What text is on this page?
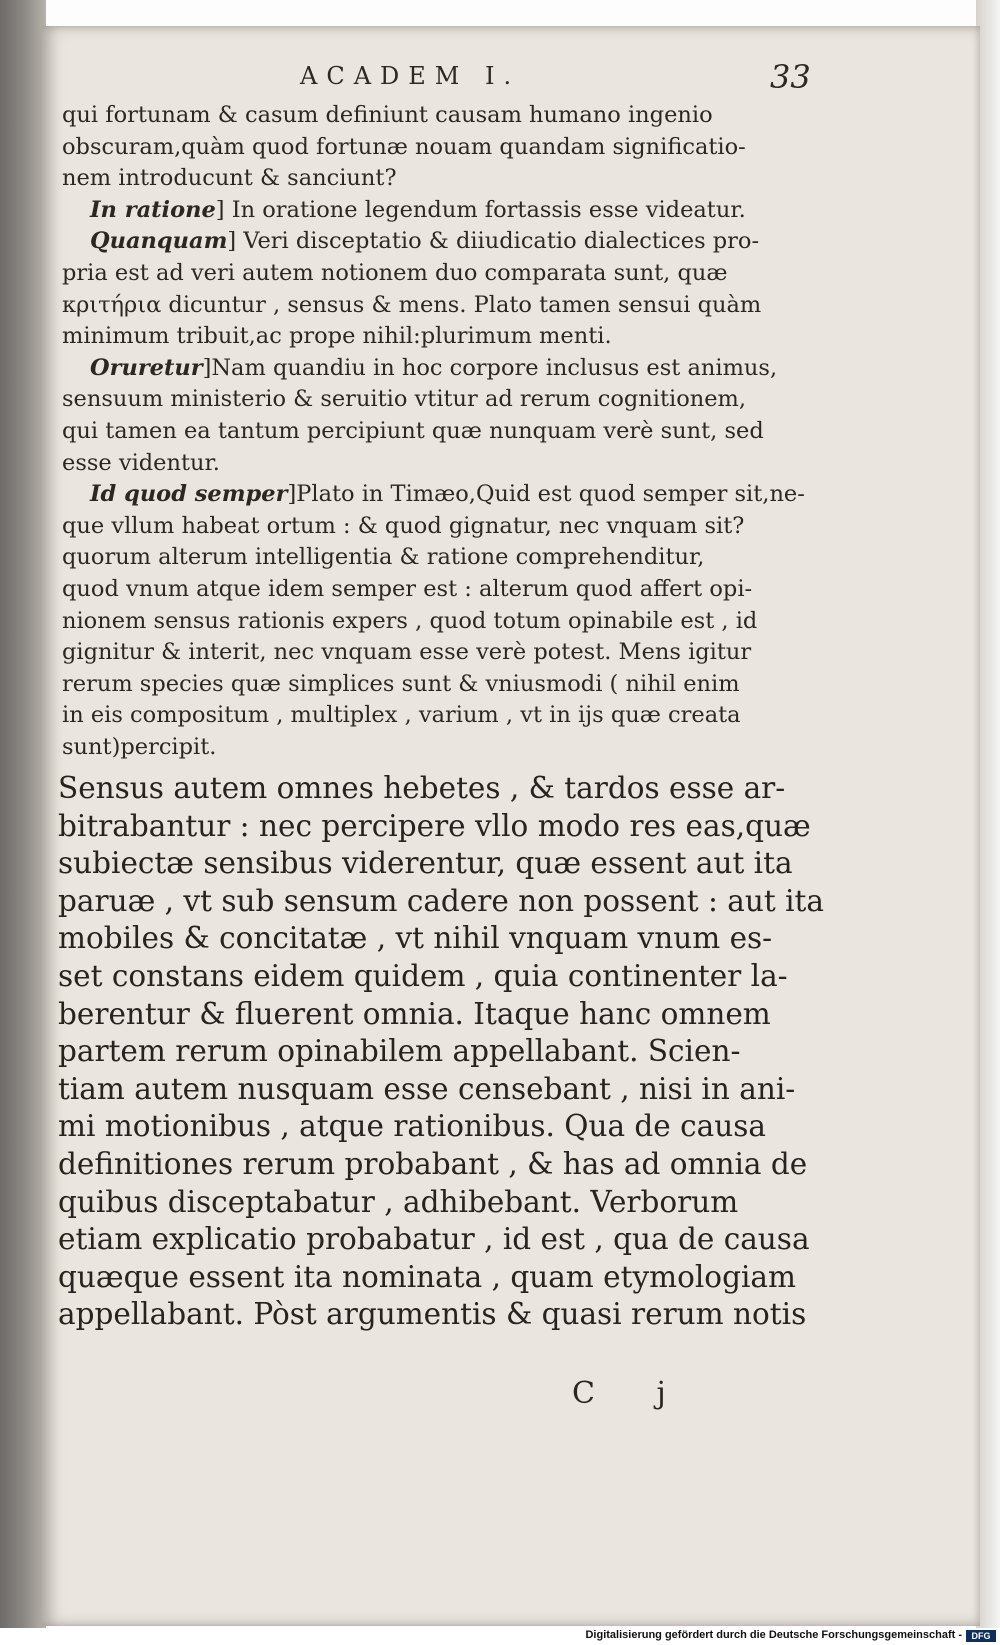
ACADEM I.	33
qui fortunam & casum definiunt causam humano ingenio
obscuram,quàm quod fortunæ nouam quandam significatio-
nem introducunt & sanciunt?
In ratione] In oratione legendum fortassis esse videatur.
Quanquam] Veri disceptatio & diiudicatio dialectices pro-
pria est ad veri autem notionem duo comparata sunt, quæ
κριτήρια dicuntur , sensus & mens. Plato tamen sensui quàm
minimum tribuit,ac prope nihil:plurimum menti.
Orиretur]Nam quandiu in hoc corpore inclusus est animus,
sensuum ministerio & seruitio vtitur ad rerum cognitionem,
qui tamen ea tantum percipiunt quæ nunquam verè sunt, sed
esse videntur.
Id quod semper]Plato in Timæo,Quid est quod semper sit,ne-
que vllum habeat ortum : & quod gignatur, nec vnquam sit?
quorum alterum intelligentia & ratione comprehenditur,
quod vnum atque idem semper est : alterum quod affert opi-
nionem sensus rationis expers , quod totum opinabile est , id
gignitur & interit, nec vnquam esse verè potest. Mens igitur
rerum species quæ simplices sunt & vniusmodi ( nihil enim
in eis compositum , multiplex , varium , vt in ijs quæ creata
sunt)percipit.
Sensus autem omnes hebetes , & tardos esse ar-
bitrabantur : nec percipere vllo modo res eas,quæ
subiectæ sensibus viderentur, quæ essent aut ita
paruæ , vt sub sensum cadere non possent : aut ita
mobiles & concitatæ , vt nihil vnquam vnum es-
set constans eidem quidem , quia continenter la-
berentur & fluerent omnia. Itaque hanc omnem
partem rerum opinabilem appellabant. Scien-
tiam autem nusquam esse censebant , nisi in ani-
mi motionibus , atque rationibus. Qua de causa
definitiones rerum probabant , & has ad omnia de
quibus disceptabatur , adhibebant. Verborum
etiam explicatio probabatur , id est , qua de causa
quæque essent ita nominata , quam etymologiam
appellabant. Pòst argumentis & quasi rerum notis
C j
Digitalisierung gefördert durch die Deutsche Forschungsgemeinschaft -	DFG
